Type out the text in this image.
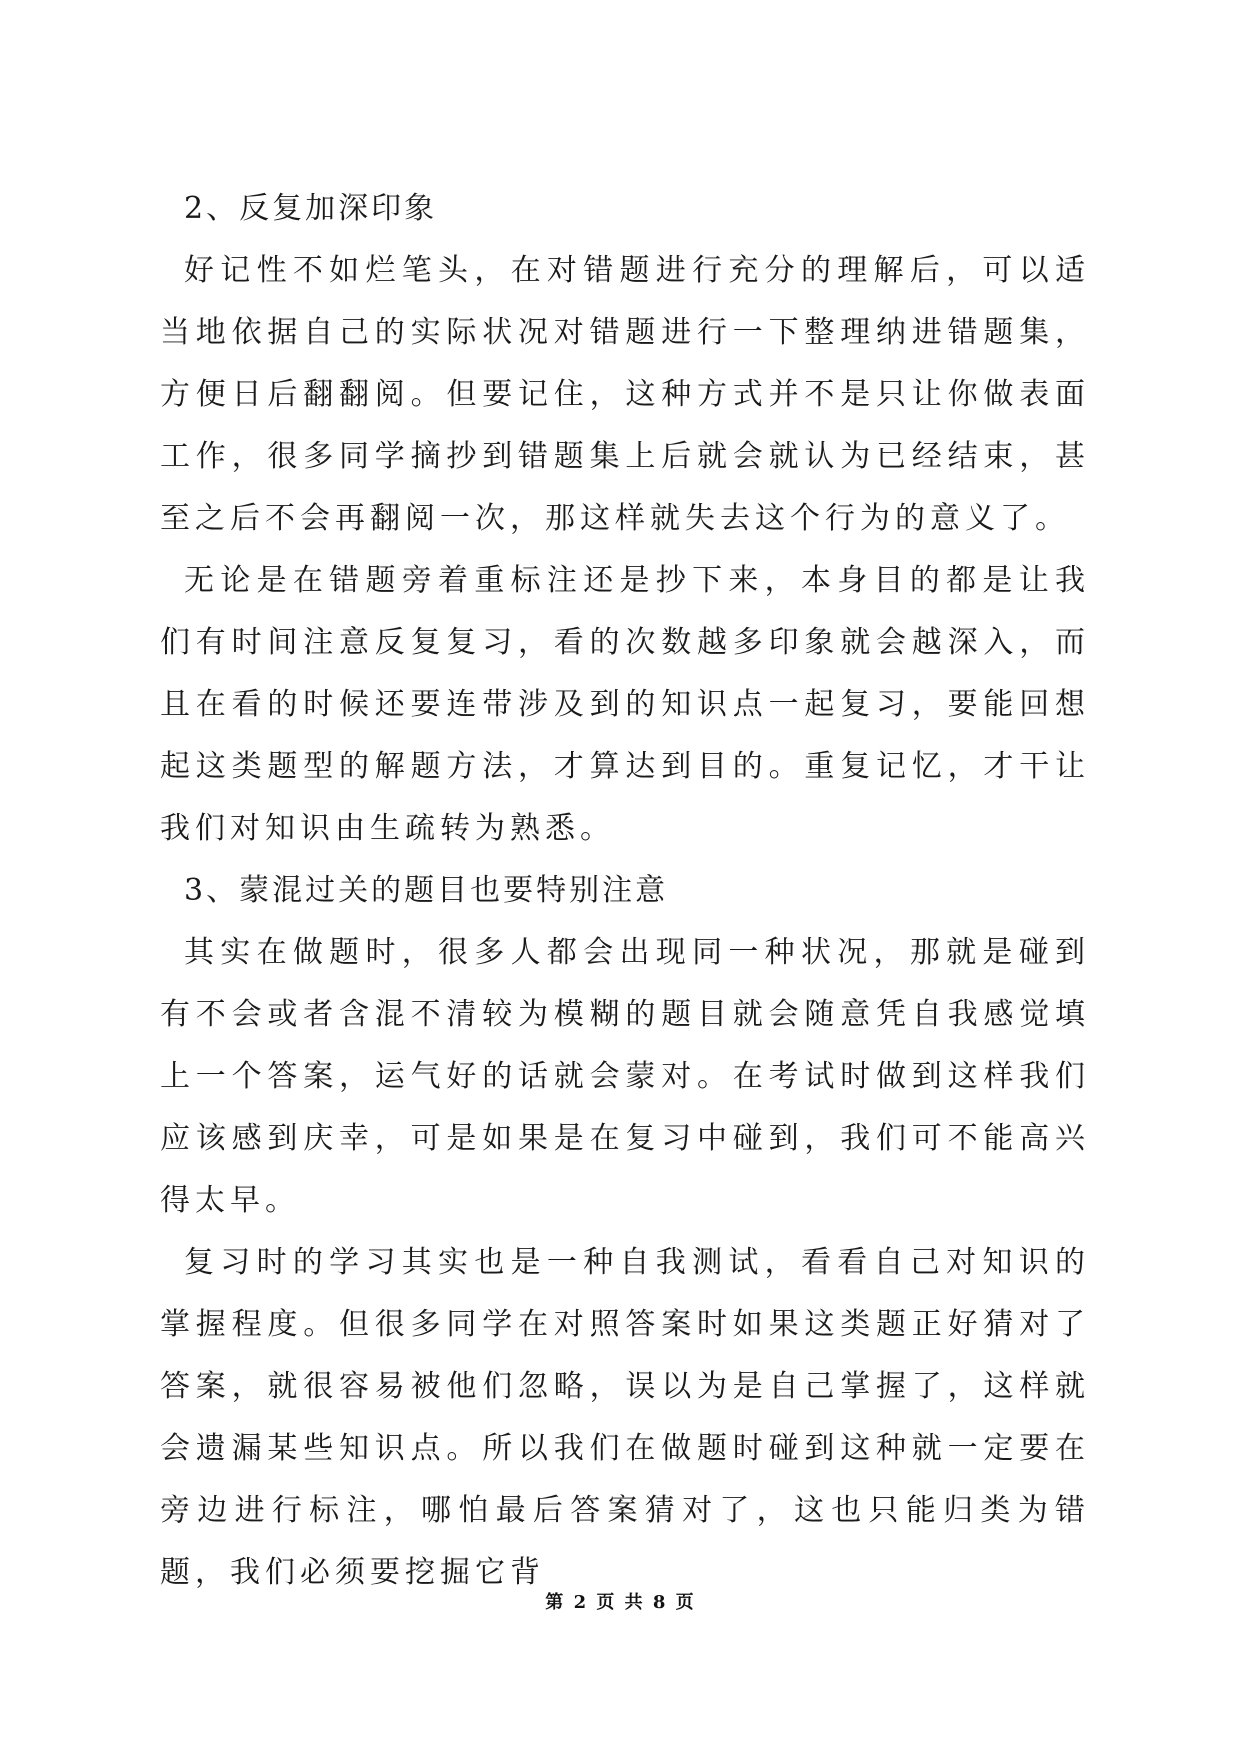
2、反复加深印象

好记性不如烂笔头，在对错题进行充分的理解后，可以适当地依据自己的实际状况对错题进行一下整理纳进错题集，方便日后翻翻阅。但要记住，这种方式并不是只让你做表面工作，很多同学摘抄到错题集上后就会就认为已经结束，甚至之后不会再翻阅一次，那这样就失去这个行为的意义了。

无论是在错题旁着重标注还是抄下来，本身目的都是让我们有时间注意反复复习，看的次数越多印象就会越深入，而且在看的时候还要连带涉及到的知识点一起复习，要能回想起这类题型的解题方法，才算达到目的。重复记忆，才干让我们对知识由生疏转为熟悉。

3、蒙混过关的题目也要特别注意

其实在做题时，很多人都会出现同一种状况，那就是碰到有不会或者含混不清较为模糊的题目就会随意凭自我感觉填上一个答案，运气好的话就会蒙对。在考试时做到这样我们应该感到庆幸，可是如果是在复习中碰到，我们可不能高兴得太早。

复习时的学习其实也是一种自我测试，看看自己对知识的掌握程度。但很多同学在对照答案时如果这类题正好猜对了答案，就很容易被他们忽略，误以为是自己掌握了，这样就会遗漏某些知识点。所以我们在做题时碰到这种就一定要在旁边进行标注，哪怕最后答案猜对了，这也只能归类为错题，我们必须要挖掘它背

第 2 页 共 8 页
